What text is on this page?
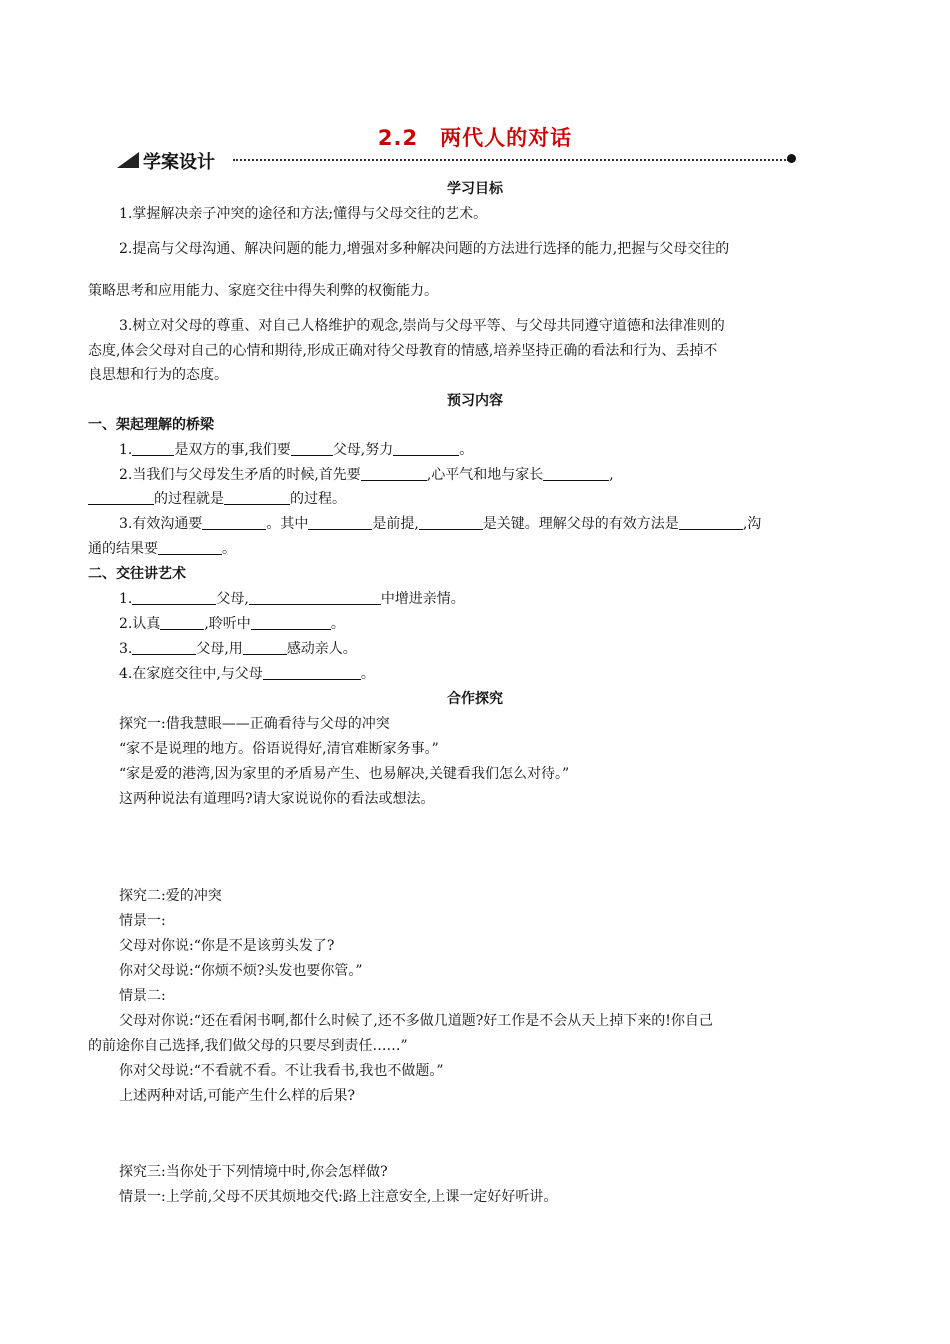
2.2　两代人的对话
学案设计
学习目标
1.掌握解决亲子冲突的途径和方法;懂得与父母交往的艺术。
2.提高与父母沟通、解决问题的能力,增强对多种解决问题的方法进行选择的能力,把握与父母交往的
策略思考和应用能力、家庭交往中得失利弊的权衡能力。
3.树立对父母的尊重、对自己人格维护的观念,崇尚与父母平等、与父母共同遵守道德和法律准则的
态度,体会父母对自己的心情和期待,形成正确对待父母教育的情感,培养坚持正确的看法和行为、丢掉不
良思想和行为的态度。
预习内容
一、架起理解的桥梁
1.	是双方的事,我们要	父母,努力	。
2.当我们与父母发生矛盾的时候,首先要	,心平气和地与家长	,
的过程就是	的过程。
3.有效沟通要	。其中	是前提,	是关键。理解父母的有效方法是	,沟
通的结果要	。
二、交往讲艺术
1.	父母,	中增进亲情。
2.认真	,聆听中	。
3.	父母,用	感动亲人。
4.在家庭交往中,与父母	。
合作探究
探究一:借我慧眼——正确看待与父母的冲突
“家不是说理的地方。俗语说得好,清官难断家务事。”
“家是爱的港湾,因为家里的矛盾易产生、也易解决,关键看我们怎么对待。”
这两种说法有道理吗?请大家说说你的看法或想法。
探究二:爱的冲突
情景一:
父母对你说:“你是不是该剪头发了?
你对父母说:“你烦不烦?头发也要你管。”
情景二:
父母对你说:“还在看闲书啊,都什么时候了,还不多做几道题?好工作是不会从天上掉下来的!你自己
的前途你自己选择,我们做父母的只要尽到责任……”
你对父母说:“不看就不看。不让我看书,我也不做题。”
上述两种对话,可能产生什么样的后果?
探究三:当你处于下列情境中时,你会怎样做?
情景一:上学前,父母不厌其烦地交代:路上注意安全,上课一定好好听讲。
